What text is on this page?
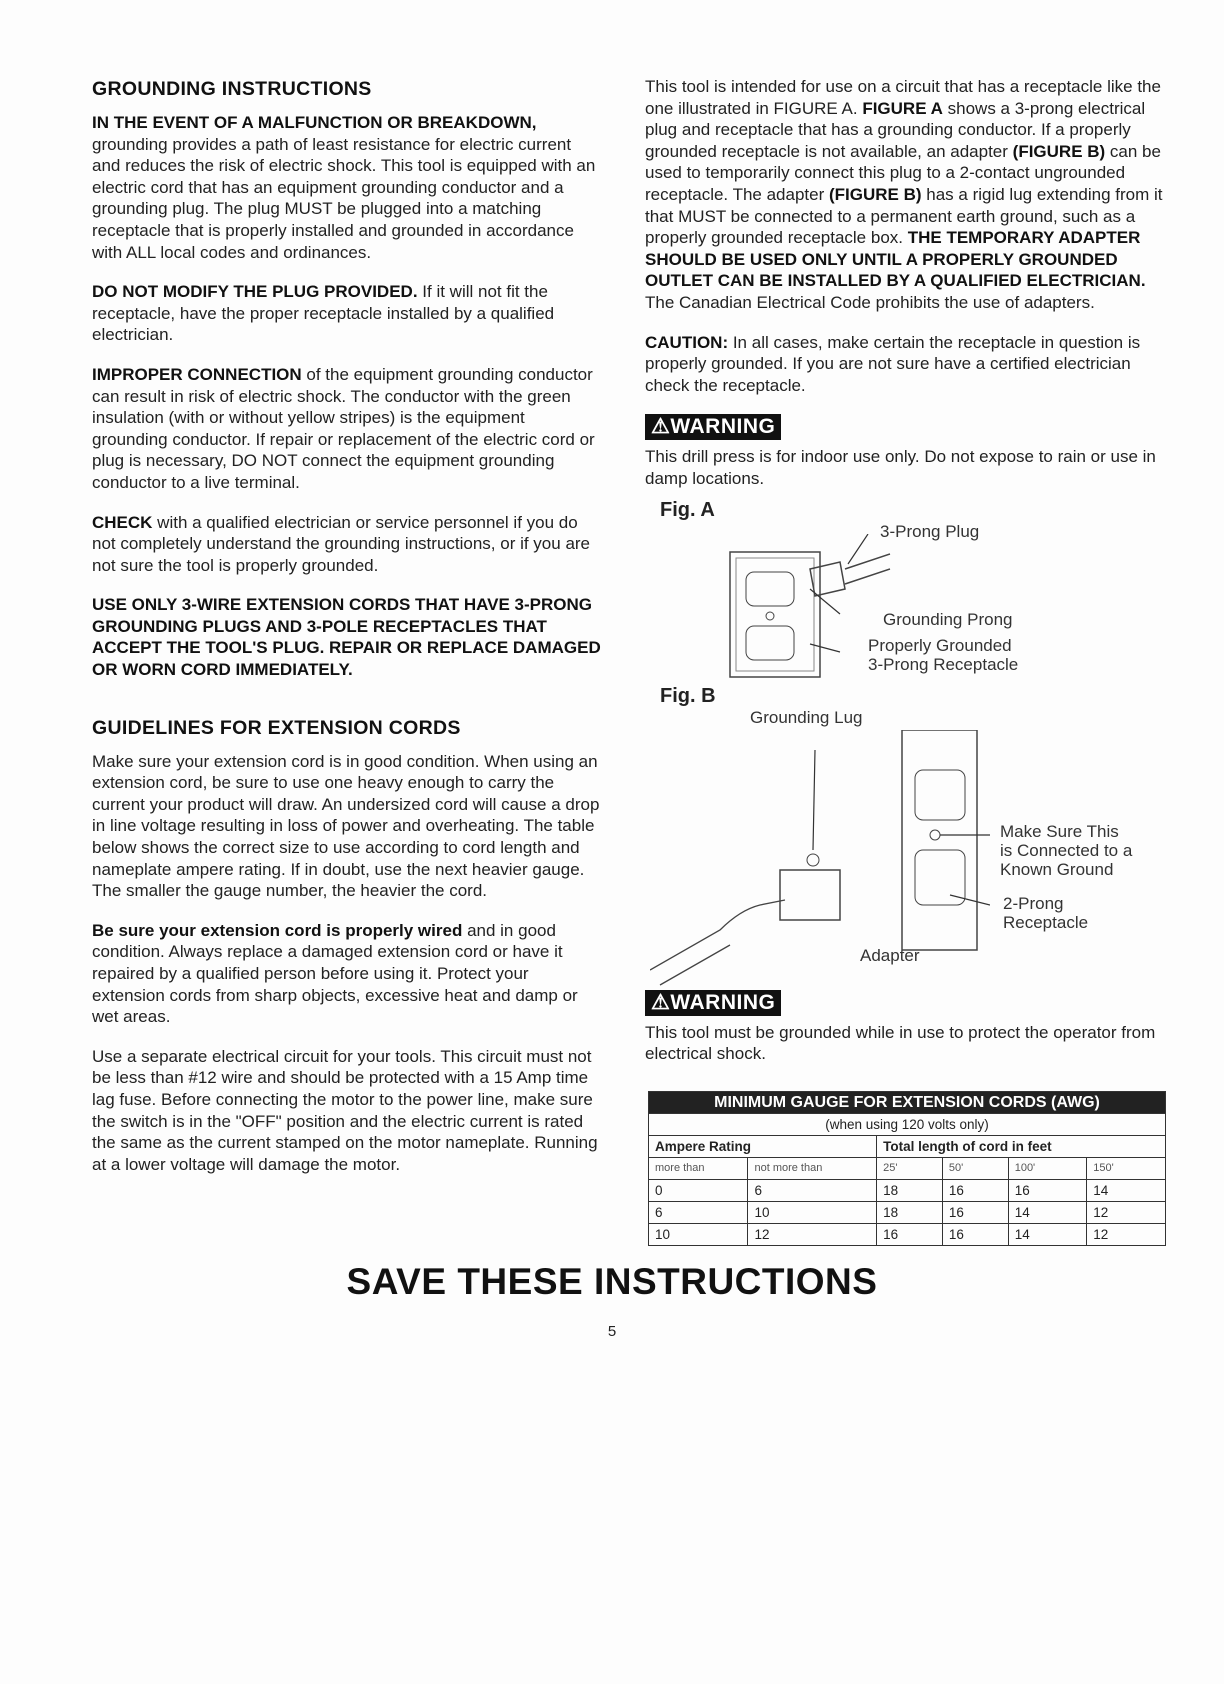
GROUNDING INSTRUCTIONS
IN THE EVENT OF A MALFUNCTION OR BREAKDOWN, grounding provides a path of least resistance for electric current and reduces the risk of electric shock. This tool is equipped with an electric cord that has an equipment grounding conductor and a grounding plug. The plug MUST be plugged into a matching receptacle that is properly installed and grounded in accordance with ALL local codes and ordinances.
DO NOT MODIFY THE PLUG PROVIDED. If it will not fit the receptacle, have the proper receptacle installed by a qualified electrician.
IMPROPER CONNECTION of the equipment grounding conductor can result in risk of electric shock. The conductor with the green insulation (with or without yellow stripes) is the equipment grounding conductor. If repair or replacement of the electric cord or plug is necessary, DO NOT connect the equipment grounding conductor to a live terminal.
CHECK with a qualified electrician or service personnel if you do not completely understand the grounding instructions, or if you are not sure the tool is properly grounded.
USE ONLY 3-WIRE EXTENSION CORDS THAT HAVE 3-PRONG GROUNDING PLUGS AND 3-POLE RECEPTACLES THAT ACCEPT THE TOOL'S PLUG. REPAIR OR REPLACE DAMAGED OR WORN CORD IMMEDIATELY.
GUIDELINES FOR EXTENSION CORDS
Make sure your extension cord is in good condition. When using an extension cord, be sure to use one heavy enough to carry the current your product will draw. An undersized cord will cause a drop in line voltage resulting in loss of power and overheating. The table below shows the correct size to use according to cord length and nameplate ampere rating. If in doubt, use the next heavier gauge. The smaller the gauge number, the heavier the cord.
Be sure your extension cord is properly wired and in good condition. Always replace a damaged extension cord or have it repaired by a qualified person before using it. Protect your extension cords from sharp objects, excessive heat and damp or wet areas.
Use a separate electrical circuit for your tools. This circuit must not be less than #12 wire and should be protected with a 15 Amp time lag fuse. Before connecting the motor to the power line, make sure the switch is in the "OFF" position and the electric current is rated the same as the current stamped on the motor nameplate. Running at a lower voltage will damage the motor.
This tool is intended for use on a circuit that has a receptacle like the one illustrated in FIGURE A. FIGURE A shows a 3-prong electrical plug and receptacle that has a grounding conductor. If a properly grounded receptacle is not available, an adapter (FIGURE B) can be used to temporarily connect this plug to a 2-contact ungrounded receptacle. The adapter (FIGURE B) has a rigid lug extending from it that MUST be connected to a permanent earth ground, such as a properly grounded receptacle box. THE TEMPORARY ADAPTER SHOULD BE USED ONLY UNTIL A PROPERLY GROUNDED OUTLET CAN BE INSTALLED BY A QUALIFIED ELECTRICIAN. The Canadian Electrical Code prohibits the use of adapters.
CAUTION: In all cases, make certain the receptacle in question is properly grounded. If you are not sure have a certified electrician check the receptacle.
⚠WARNING
This drill press is for indoor use only. Do not expose to rain or use in damp locations.
Fig. A
3-Prong Plug
Grounding Prong
Properly Grounded
3-Prong Receptacle
Fig. B
Grounding Lug
Make Sure This
is Connected to a
Known Ground
2-Prong
Receptacle
Adapter
⚠WARNING
This tool must be grounded while in use to protect the operator from electrical shock.
MINIMUM GAUGE FOR EXTENSION CORDS (AWG)					
(when using 120 volts only)					
Ampere Rating		Total length of cord in feet			
more than	not more than	25'	50'	100'	150'
0	6	18	16	16	14
6	10	18	16	14	12
10	12	16	16	14	12
SAVE THESE INSTRUCTIONS
5
